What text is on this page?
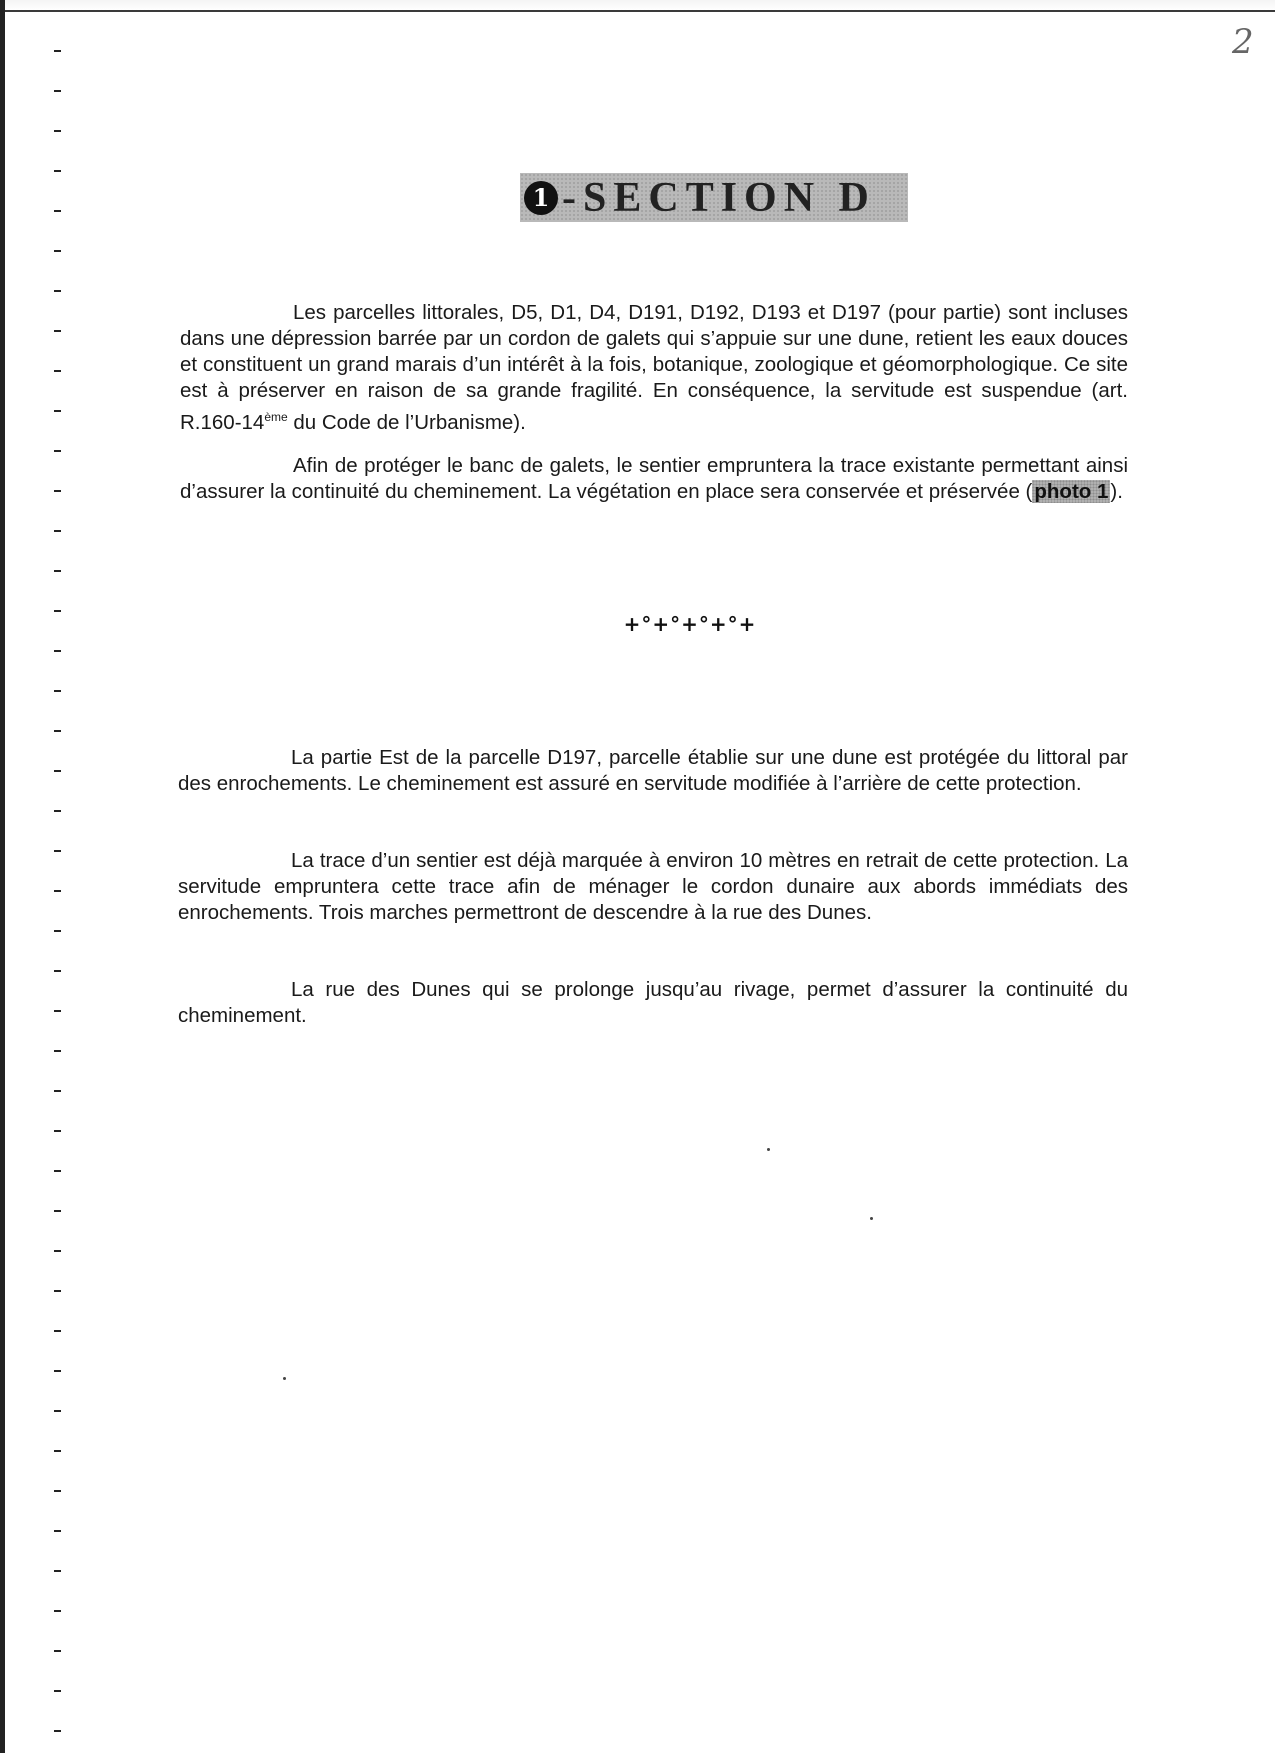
2
1 -SECTION D

Les parcelles littorales, D5, D1, D4, D191, D192, D193 et D197 (pour partie) sont incluses dans une dépression barrée par un cordon de galets qui s’appuie sur une dune, retient les eaux douces et constituent un grand marais d’un intérêt à la fois, botanique, zoologique et géomorphologique. Ce site est à préserver en raison de sa grande fragilité. En conséquence, la servitude est suspendue (art. R.160-14ème du Code de l’Urbanisme).

Afin de protéger le banc de galets, le sentier empruntera la trace existante permettant ainsi d’assurer la continuité du cheminement. La végétation en place sera conservée et préservée (photo 1).

+°+°+°+°+

La partie Est de la parcelle D197, parcelle établie sur une dune est protégée du littoral par des enrochements. Le cheminement est assuré en servitude modifiée à l’arrière de cette protection.

La trace d’un sentier est déjà marquée à environ 10 mètres en retrait de cette protection. La servitude empruntera cette trace afin de ménager le cordon dunaire aux abords immédiats des enrochements. Trois marches permettront de descendre à la rue des Dunes.

La rue des Dunes qui se prolonge jusqu’au rivage, permet d’assurer la continuité du cheminement.
